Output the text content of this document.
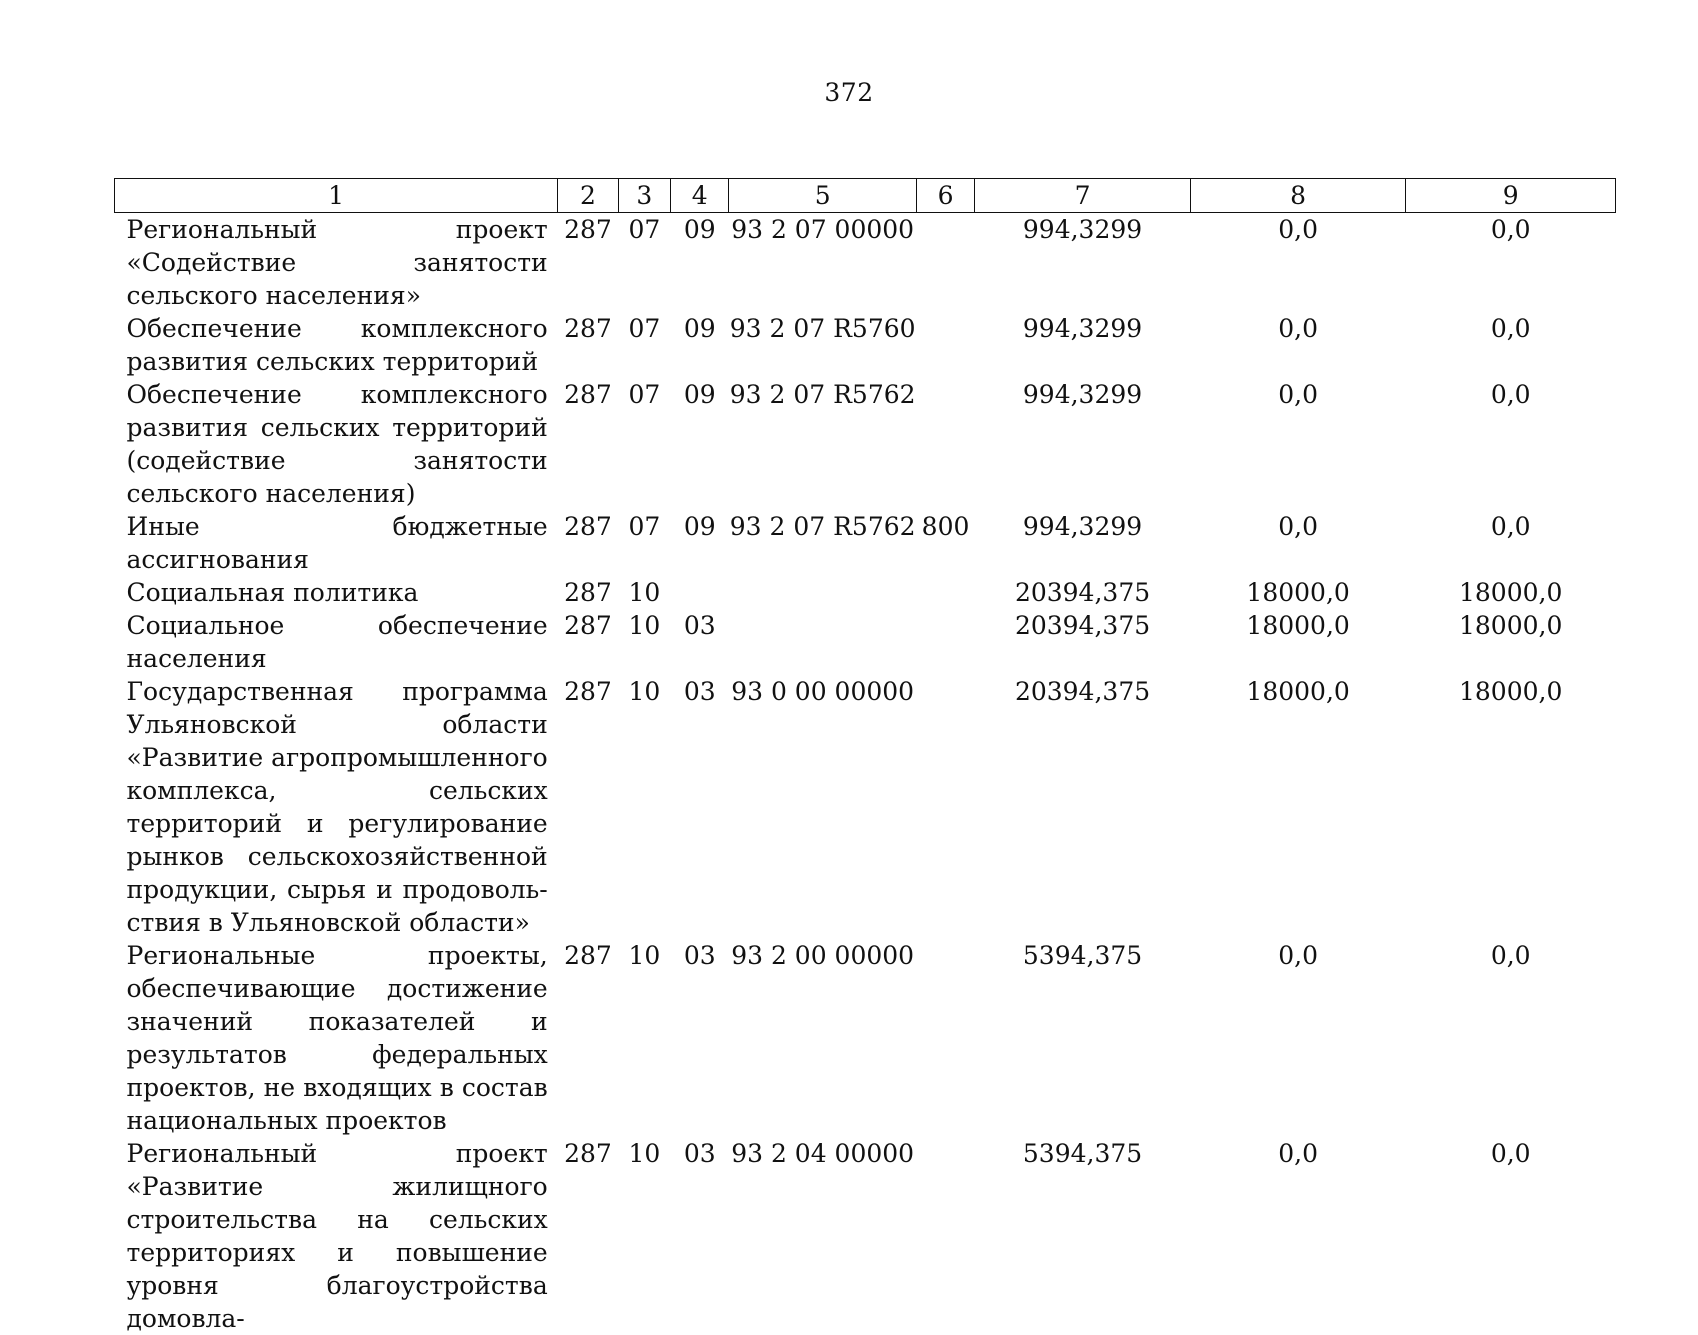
372
1	2	3	4	5	6	7	8	9
Региональный проект «Содействие занятости сельского населения»	287	07	09	93 2 07 00000		994,3299	0,0	0,0
Обеспечение комплексного развития сельских территорий	287	07	09	93 2 07 R5760		994,3299	0,0	0,0
Обеспечение комплексного развития сельских территорий (содействие занятости сельского населения)	287	07	09	93 2 07 R5762		994,3299	0,0	0,0
Иные бюджетные ассигнования	287	07	09	93 2 07 R5762	800	994,3299	0,0	0,0
Социальная политика	287	10				20394,375	18000,0	18000,0
Социальное обеспечение населения	287	10	03			20394,375	18000,0	18000,0
Государственная программа Ульяновской области «Развитие агропромышленного комплекса, сельских территорий и регулирование рынков сельскохозяйственной продукции, сырья и продовольствия в Ульяновской области»	287	10	03	93 0 00 00000		20394,375	18000,0	18000,0
Региональные проекты, обеспечивающие достижение значений показателей и результатов федеральных проектов, не входящих в состав национальных проектов	287	10	03	93 2 00 00000		5394,375	0,0	0,0
Региональный проект «Развитие жилищного строительства на сельских территориях и повышение уровня благоустройства домовла-	287	10	03	93 2 04 00000		5394,375	0,0	0,0
